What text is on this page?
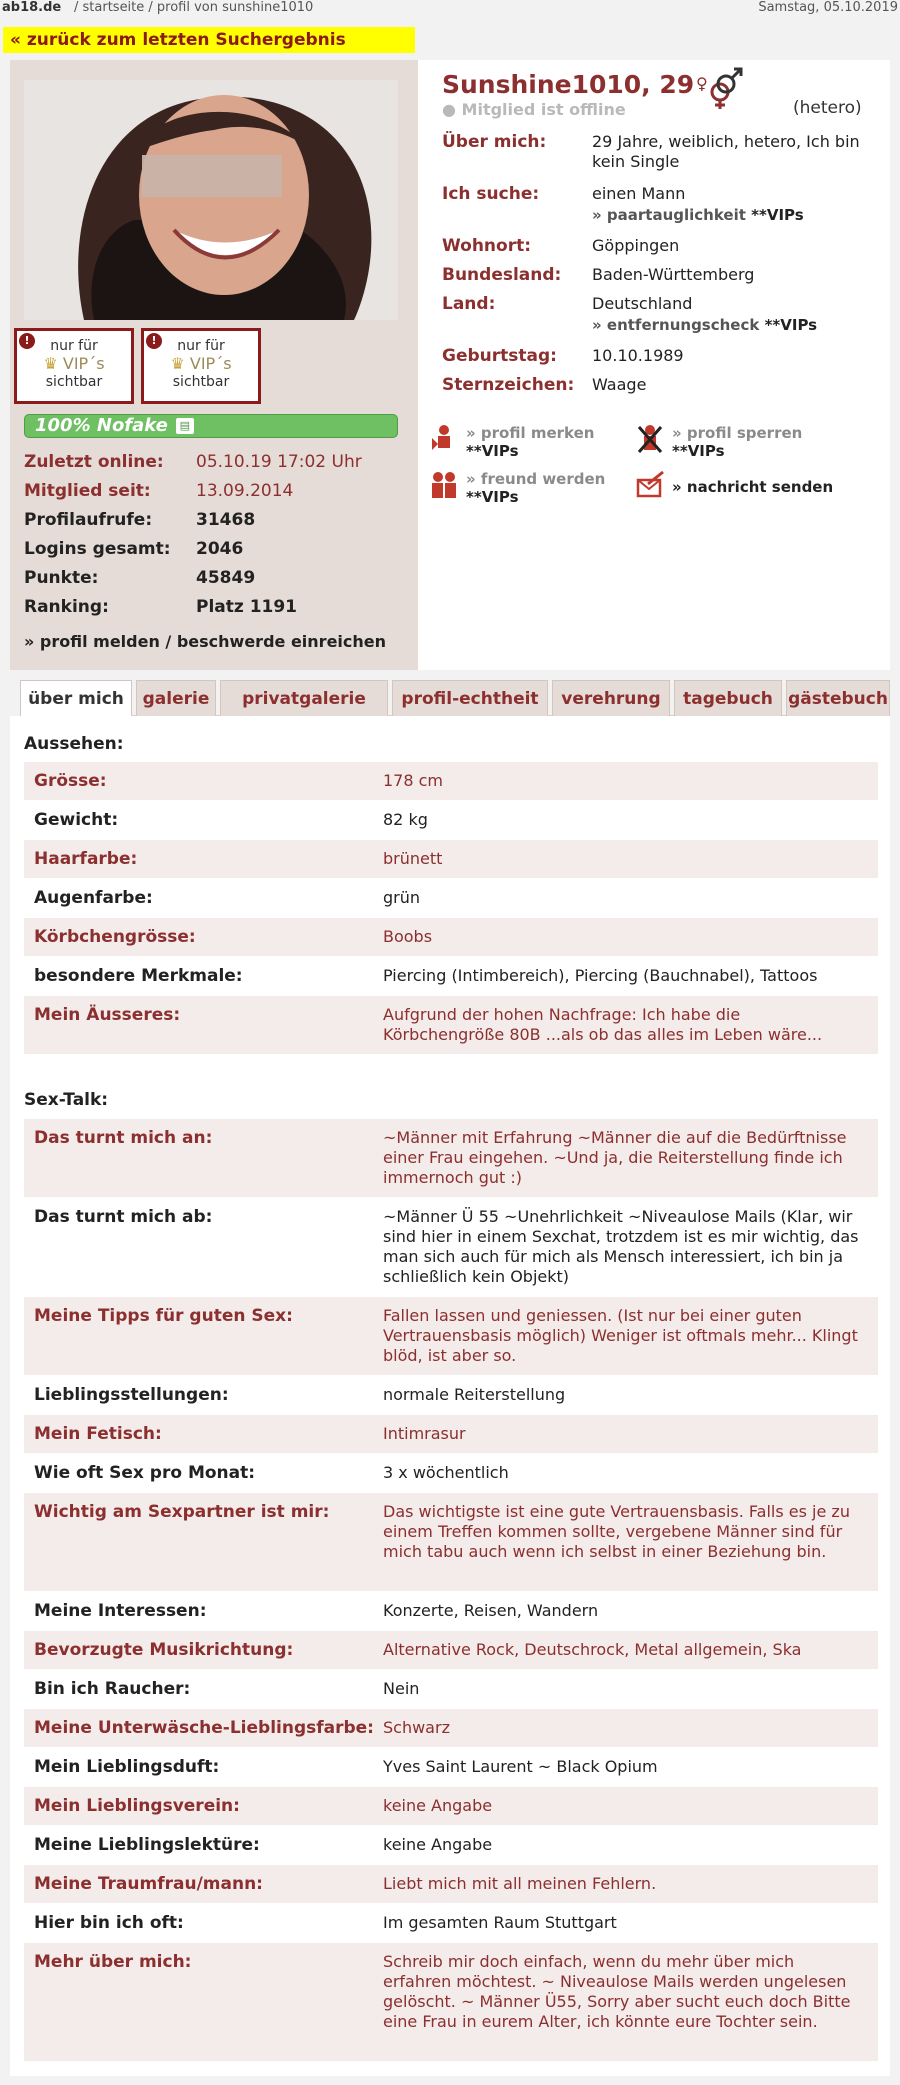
ab18.de / startseite / profil von sunshine1010	Samstag, 05.10.2019
« zurück zum letzten Suchergebnis
!	nur für
♛ VIP´s
sichtbar
!	nur für
♛ VIP´s
sichtbar
100% Nofake ▤
Zuletzt online: 05.10.19 17:02 Uhr
Mitglied seit:	13.09.2014
Profilaufrufe:	31468
Logins gesamt: 2046
Punkte:	45849
Ranking:	Platz 1191
» profil melden / beschwerde einreichen
Sunshine1010, 29 ♀
● Mitglied ist offline	(hetero)
Über mich:	29 Jahre, weiblich, hetero, Ich bin kein Single
Ich suche:	einen Mann
» paartauglichkeit **VIPs
Wohnort:	Göppingen
Bundesland: Baden-Württemberg
Land:	Deutschland
» entfernungscheck **VIPs
Geburtstag: 10.10.1989
Sternzeichen: Waage
» profil merken
**VIPs
» profil sperren
**VIPs
» freund werden
**VIPs
» nachricht senden
über mich	galerie	privatgalerie	profil-echtheit	verehrung	tagebuch gästebuch
Aussehen:
Grösse:	178 cm
Gewicht:	82 kg
Haarfarbe:	brünett
Augenfarbe:	grün
Körbchengrösse:	Boobs
besondere Merkmale:	Piercing (Intimbereich), Piercing (Bauchnabel), Tattoos
Mein Äusseres:	Aufgrund der hohen Nachfrage: Ich habe die Körbchengröße 80B ...als ob das alles im Leben wäre...
Sex-Talk:
Das turnt mich an:	~Männer mit Erfahrung ~Männer die auf die Bedürftnisse einer Frau eingehen. ~Und ja, die Reiterstellung finde ich immernoch gut :)
Das turnt mich ab:	~Männer Ü 55 ~Unehrlichkeit ~Niveaulose Mails (Klar, wir sind hier in einem Sexchat, trotzdem ist es mir wichtig, das man sich auch für mich als Mensch interessiert, ich bin ja schließlich kein Objekt)
Meine Tipps für guten Sex:	Fallen lassen und geniessen. (Ist nur bei einer guten Vertrauensbasis möglich) Weniger ist oftmals mehr... Klingt blöd, ist aber so.
Lieblingsstellungen:	normale Reiterstellung
Mein Fetisch:	Intimrasur
Wie oft Sex pro Monat:	3 x wöchentlich
Wichtig am Sexpartner ist mir:	Das wichtigste ist eine gute Vertrauensbasis. Falls es je zu einem Treffen kommen sollte, vergebene Männer sind für mich tabu auch wenn ich selbst in einer Beziehung bin.
Meine Interessen:	Konzerte, Reisen, Wandern
Bevorzugte Musikrichtung:	Alternative Rock, Deutschrock, Metal allgemein, Ska
Bin ich Raucher:	Nein
Meine Unterwäsche-Lieblingsfarbe: Schwarz
Mein Lieblingsduft:	Yves Saint Laurent ~ Black Opium
Mein Lieblingsverein:	keine Angabe
Meine Lieblingslektüre:	keine Angabe
Meine Traumfrau/mann:	Liebt mich mit all meinen Fehlern.
Hier bin ich oft:	Im gesamten Raum Stuttgart
Mehr über mich:	Schreib mir doch einfach, wenn du mehr über mich erfahren möchtest. ~ Niveaulose Mails werden ungelesen gelöscht. ~ Männer Ü55, Sorry aber sucht euch doch Bitte eine Frau in eurem Alter, ich könnte eure Tochter sein.
